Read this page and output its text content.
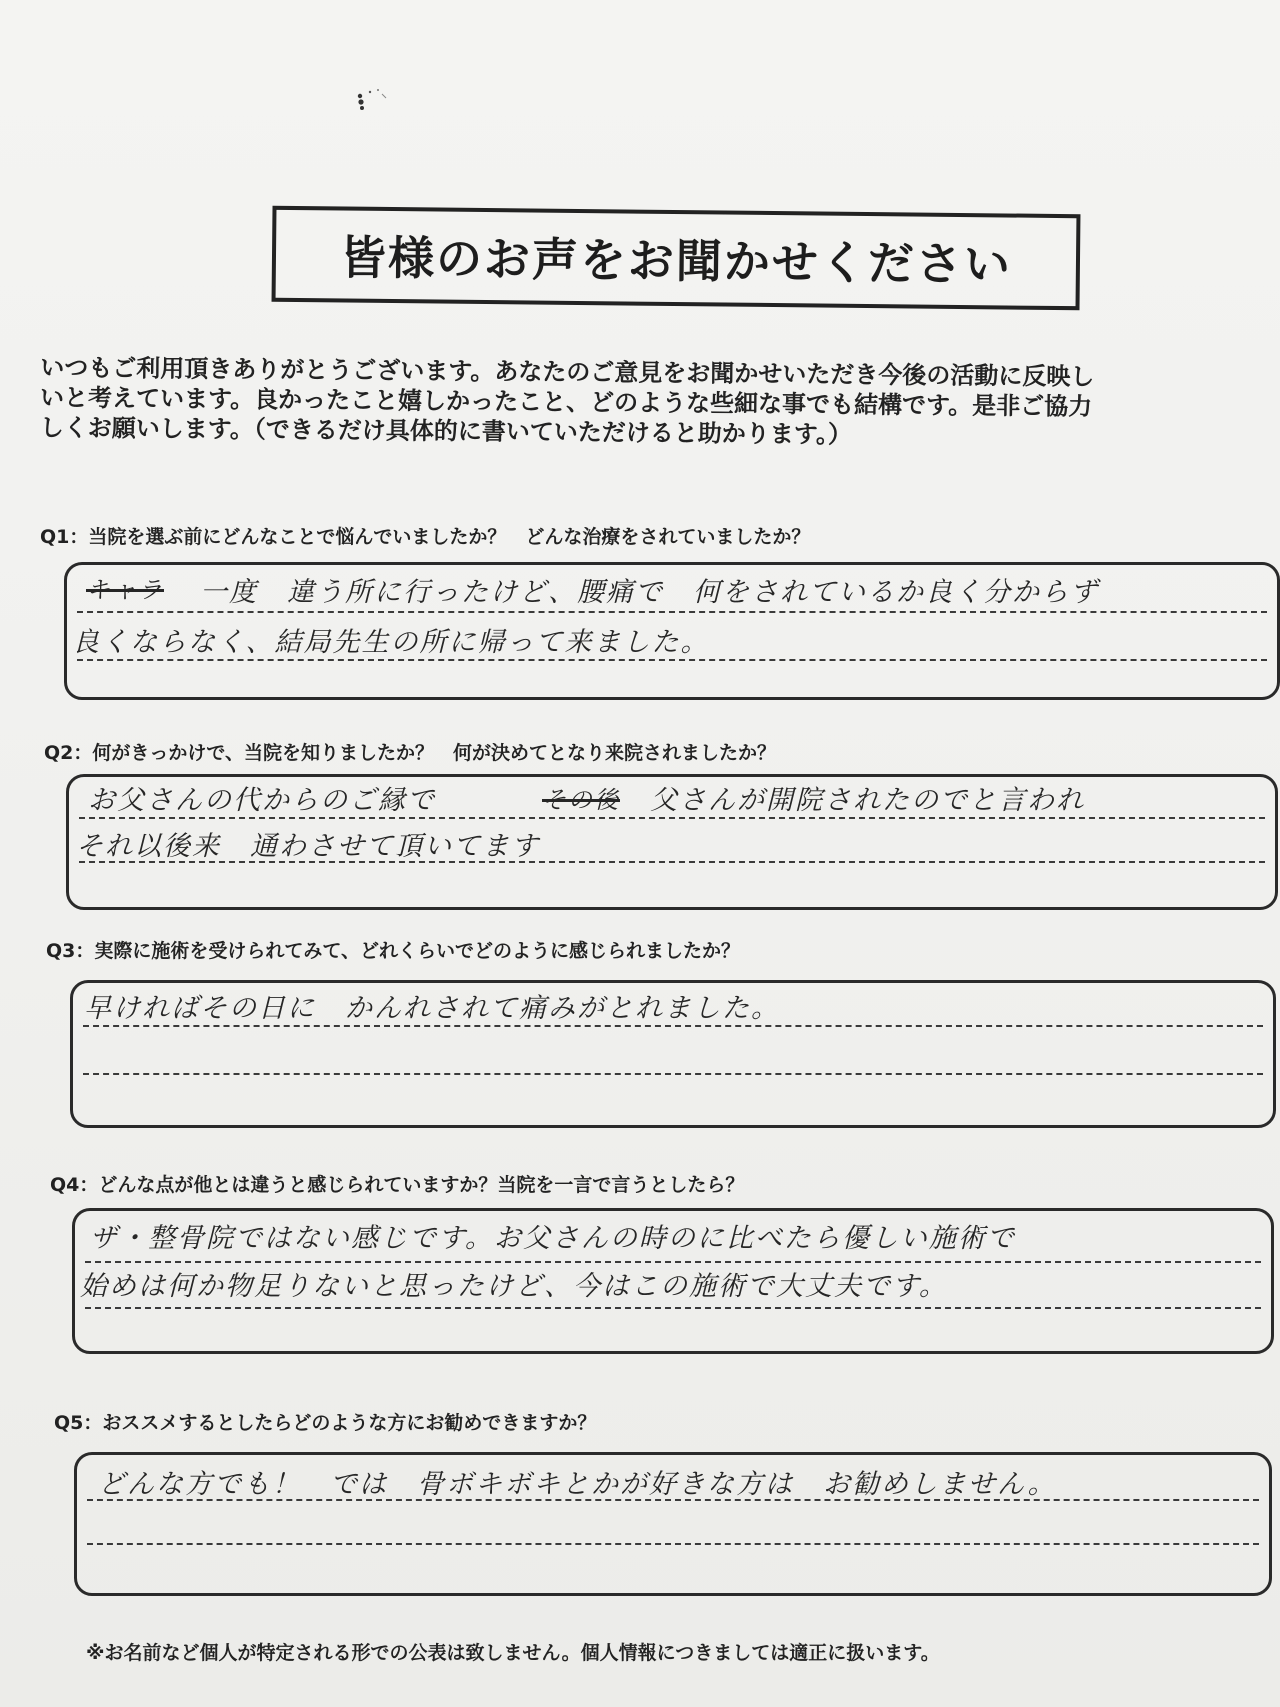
皆様のお声をお聞かせください
いつもご利用頂きありがとうございます。あなたのご意見をお聞かせいただき今後の活動に反映し
いと考えています。良かったこと嬉しかったこと、どのような些細な事でも結構です。是非ご協力
しくお願いします。（できるだけ具体的に書いていただけると助かります。）
Q1：当院を選ぶ前にどんなことで悩んでいましたか？　どんな治療をされていましたか？
キャラ 一度　違う所に行ったけど、腰痛で　何をされているか良く分からず
良くならなく、結局先生の所に帰って来ました。
Q2：何がきっかけで、当院を知りましたか？　何が決めてとなり来院されましたか？
お父さんの代からのご縁で	その後 父さんが開院されたのでと言われ
それ以後来　通わさせて頂いてます
Q3：実際に施術を受けられてみて、どれくらいでどのように感じられましたか？
早ければその日に　かんれされて痛みがとれました。
Q4：どんな点が他とは違うと感じられていますか？当院を一言で言うとしたら？
ザ・整骨院ではない感じです。お父さんの時のに比べたら優しい施術で
始めは何か物足りないと思ったけど、今はこの施術で大丈夫です。
Q5：おススメするとしたらどのような方にお勧めできますか？
どんな方でも！　では　骨ボキボキとかが好きな方は　お勧めしません。
※お名前など個人が特定される形での公表は致しません。個人情報につきましては適正に扱います。
